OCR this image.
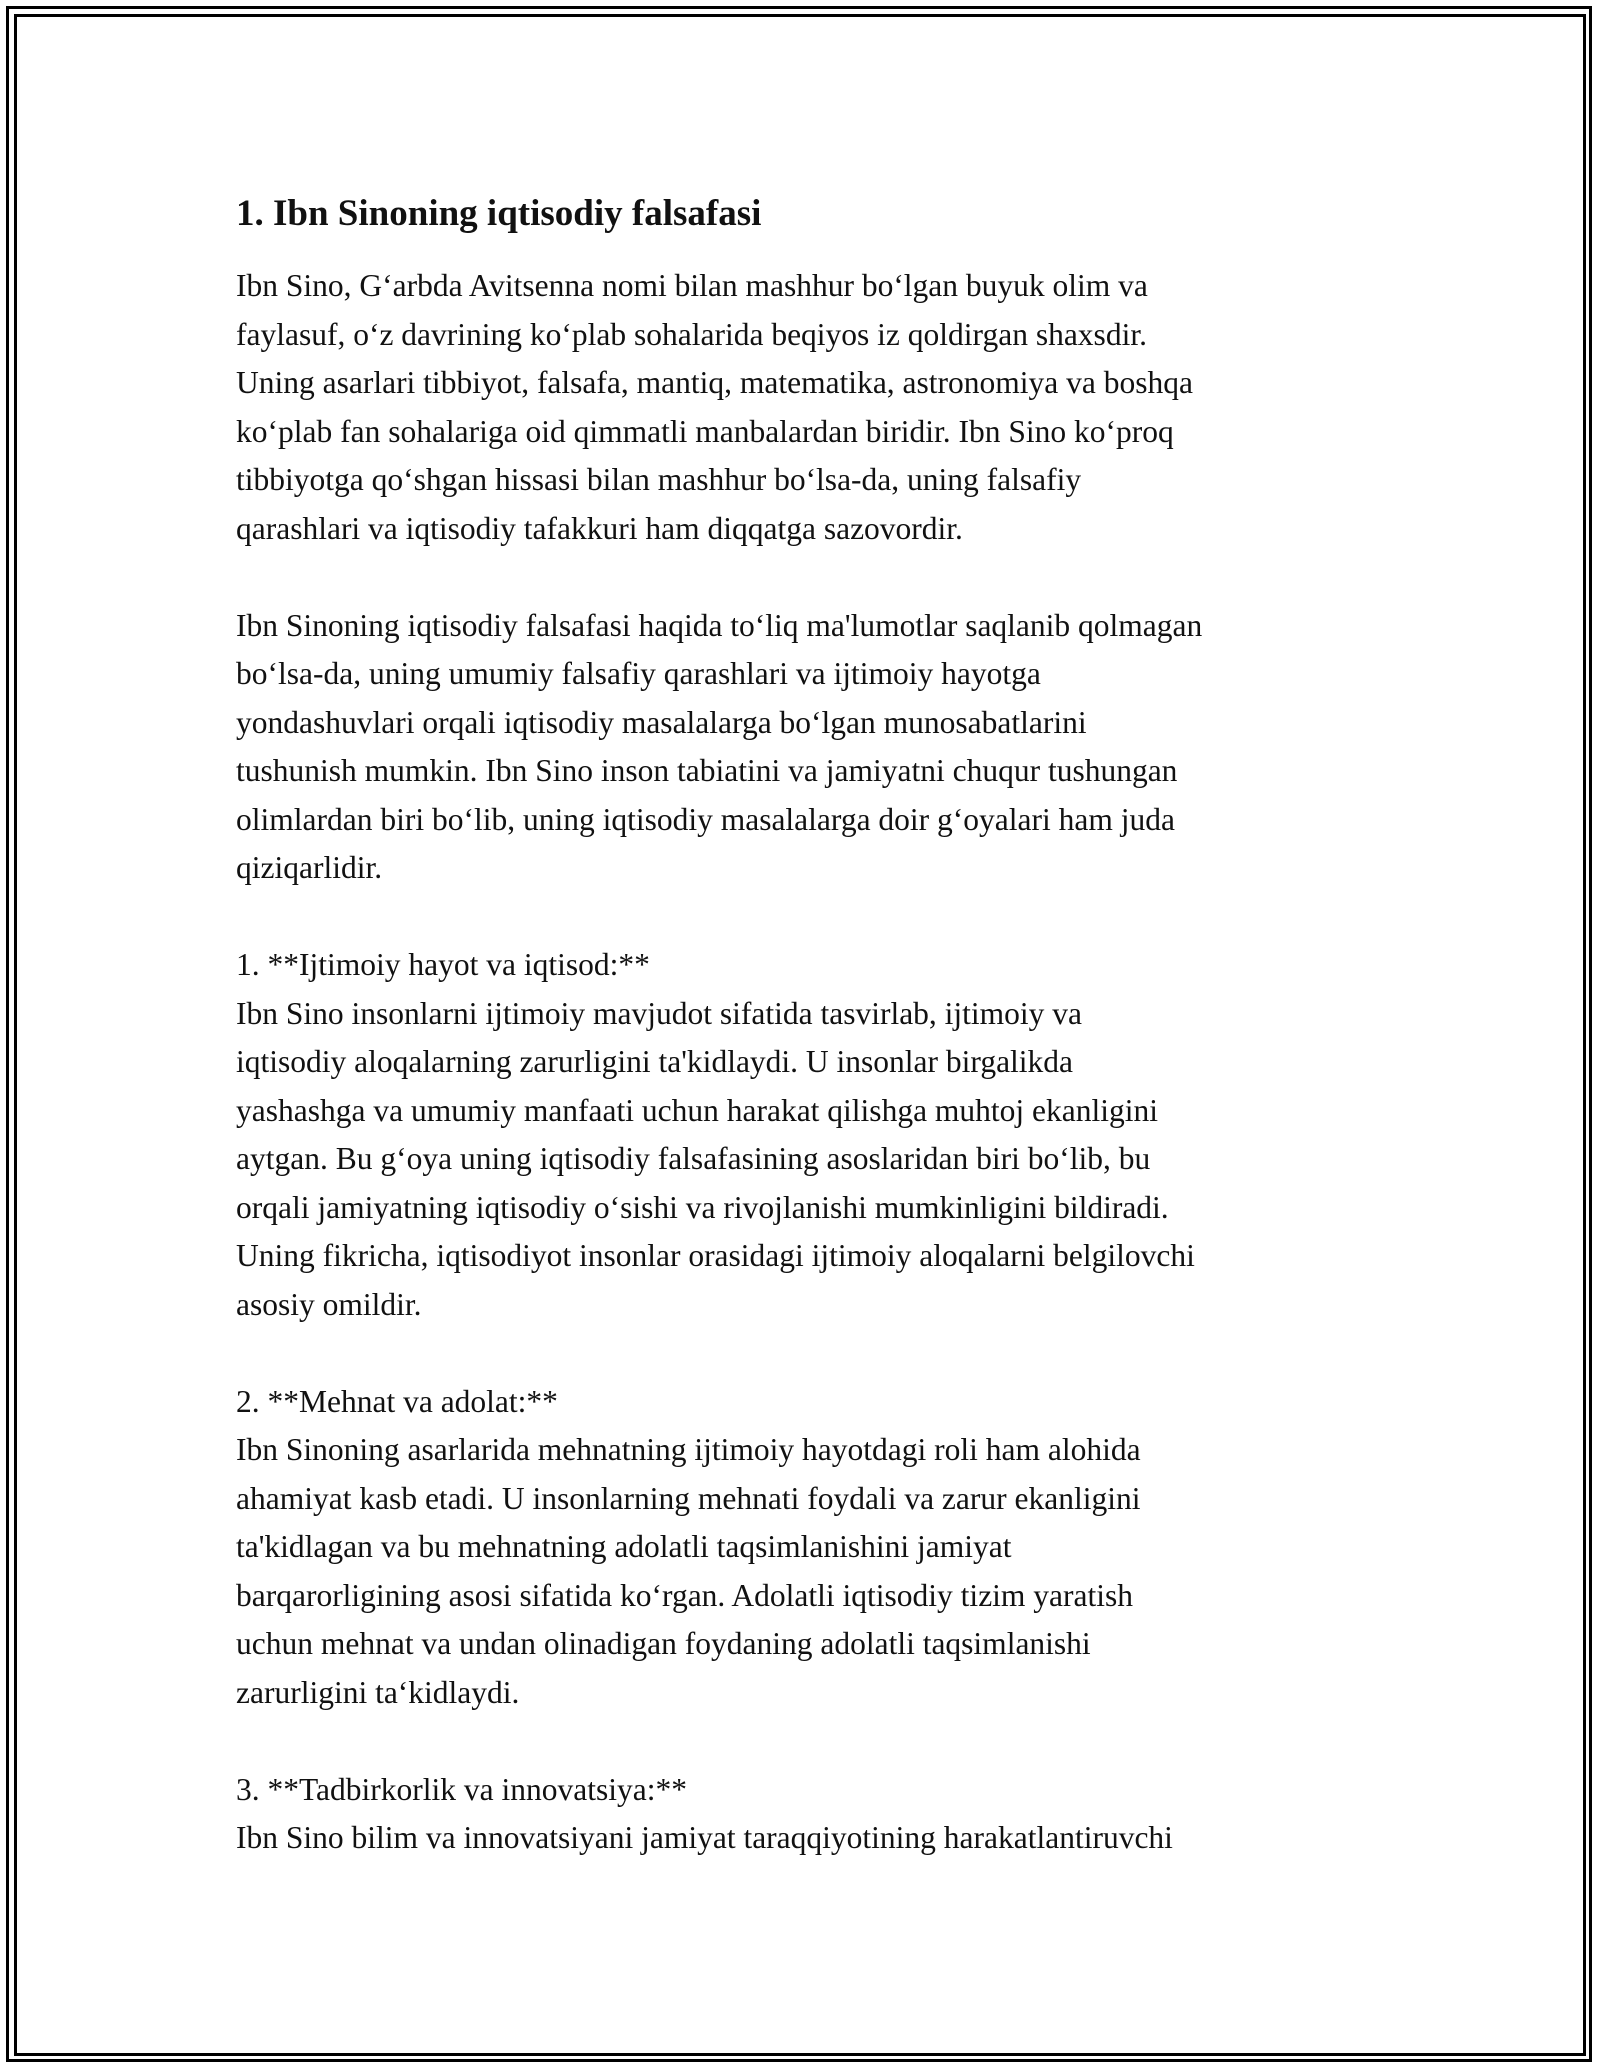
1. Ibn Sinoning iqtisodiy falsafasi

Ibn Sino, G‘arbda Avitsenna nomi bilan mashhur bo‘lgan buyuk olim va
faylasuf, o‘z davrining ko‘plab sohalarida beqiyos iz qoldirgan shaxsdir.
Uning asarlari tibbiyot, falsafa, mantiq, matematika, astronomiya va boshqa
ko‘plab fan sohalariga oid qimmatli manbalardan biridir. Ibn Sino ko‘proq
tibbiyotga qo‘shgan hissasi bilan mashhur bo‘lsa-da, uning falsafiy
qarashlari va iqtisodiy tafakkuri ham diqqatga sazovordir.

Ibn Sinoning iqtisodiy falsafasi haqida to‘liq ma'lumotlar saqlanib qolmagan
bo‘lsa-da, uning umumiy falsafiy qarashlari va ijtimoiy hayotga
yondashuvlari orqali iqtisodiy masalalarga bo‘lgan munosabatlarini
tushunish mumkin. Ibn Sino inson tabiatini va jamiyatni chuqur tushungan
olimlardan biri bo‘lib, uning iqtisodiy masalalarga doir g‘oyalari ham juda
qiziqarlidir.

1. **Ijtimoiy hayot va iqtisod:**

Ibn Sino insonlarni ijtimoiy mavjudot sifatida tasvirlab, ijtimoiy va
iqtisodiy aloqalarning zarurligini ta'kidlaydi. U insonlar birgalikda
yashashga va umumiy manfaati uchun harakat qilishga muhtoj ekanligini
aytgan. Bu g‘oya uning iqtisodiy falsafasining asoslaridan biri bo‘lib, bu
orqali jamiyatning iqtisodiy o‘sishi va rivojlanishi mumkinligini bildiradi.
Uning fikricha, iqtisodiyot insonlar orasidagi ijtimoiy aloqalarni belgilovchi
asosiy omildir.

2. **Mehnat va adolat:**

Ibn Sinoning asarlarida mehnatning ijtimoiy hayotdagi roli ham alohida
ahamiyat kasb etadi. U insonlarning mehnati foydali va zarur ekanligini
ta'kidlagan va bu mehnatning adolatli taqsimlanishini jamiyat
barqarorligining asosi sifatida ko‘rgan. Adolatli iqtisodiy tizim yaratish
uchun mehnat va undan olinadigan foydaning adolatli taqsimlanishi
zarurligini ta‘kidlaydi.

3. **Tadbirkorlik va innovatsiya:**

Ibn Sino bilim va innovatsiyani jamiyat taraqqiyotining harakatlantiruvchi
